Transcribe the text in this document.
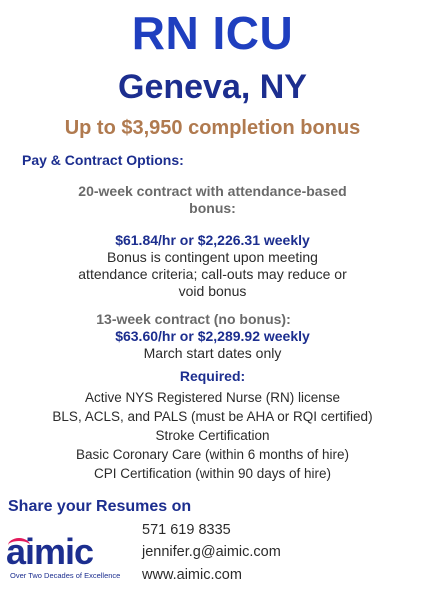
RN ICU
Geneva, NY
Up to $3,950 completion bonus
Pay & Contract Options:
20-week contract with attendance-based
bonus:
$61.84/hr or $2,226.31 weekly
Bonus is contingent upon meeting
attendance criteria; call-outs may reduce or
void bonus
13-week contract (no bonus):
$63.60/hr or $2,289.92 weekly
March start dates only
Required:
Active NYS Registered Nurse (RN) license
BLS, ACLS, and PALS (must be AHA or RQI certified)
Stroke Certification
Basic Coronary Care (within 6 months of hire)
CPI Certification (within 90 days of hire)
Share your Resumes on
571 619 8335
jennifer.g@aimic.com
www.aimic.com
aimic
Over Two Decades of Excellence
